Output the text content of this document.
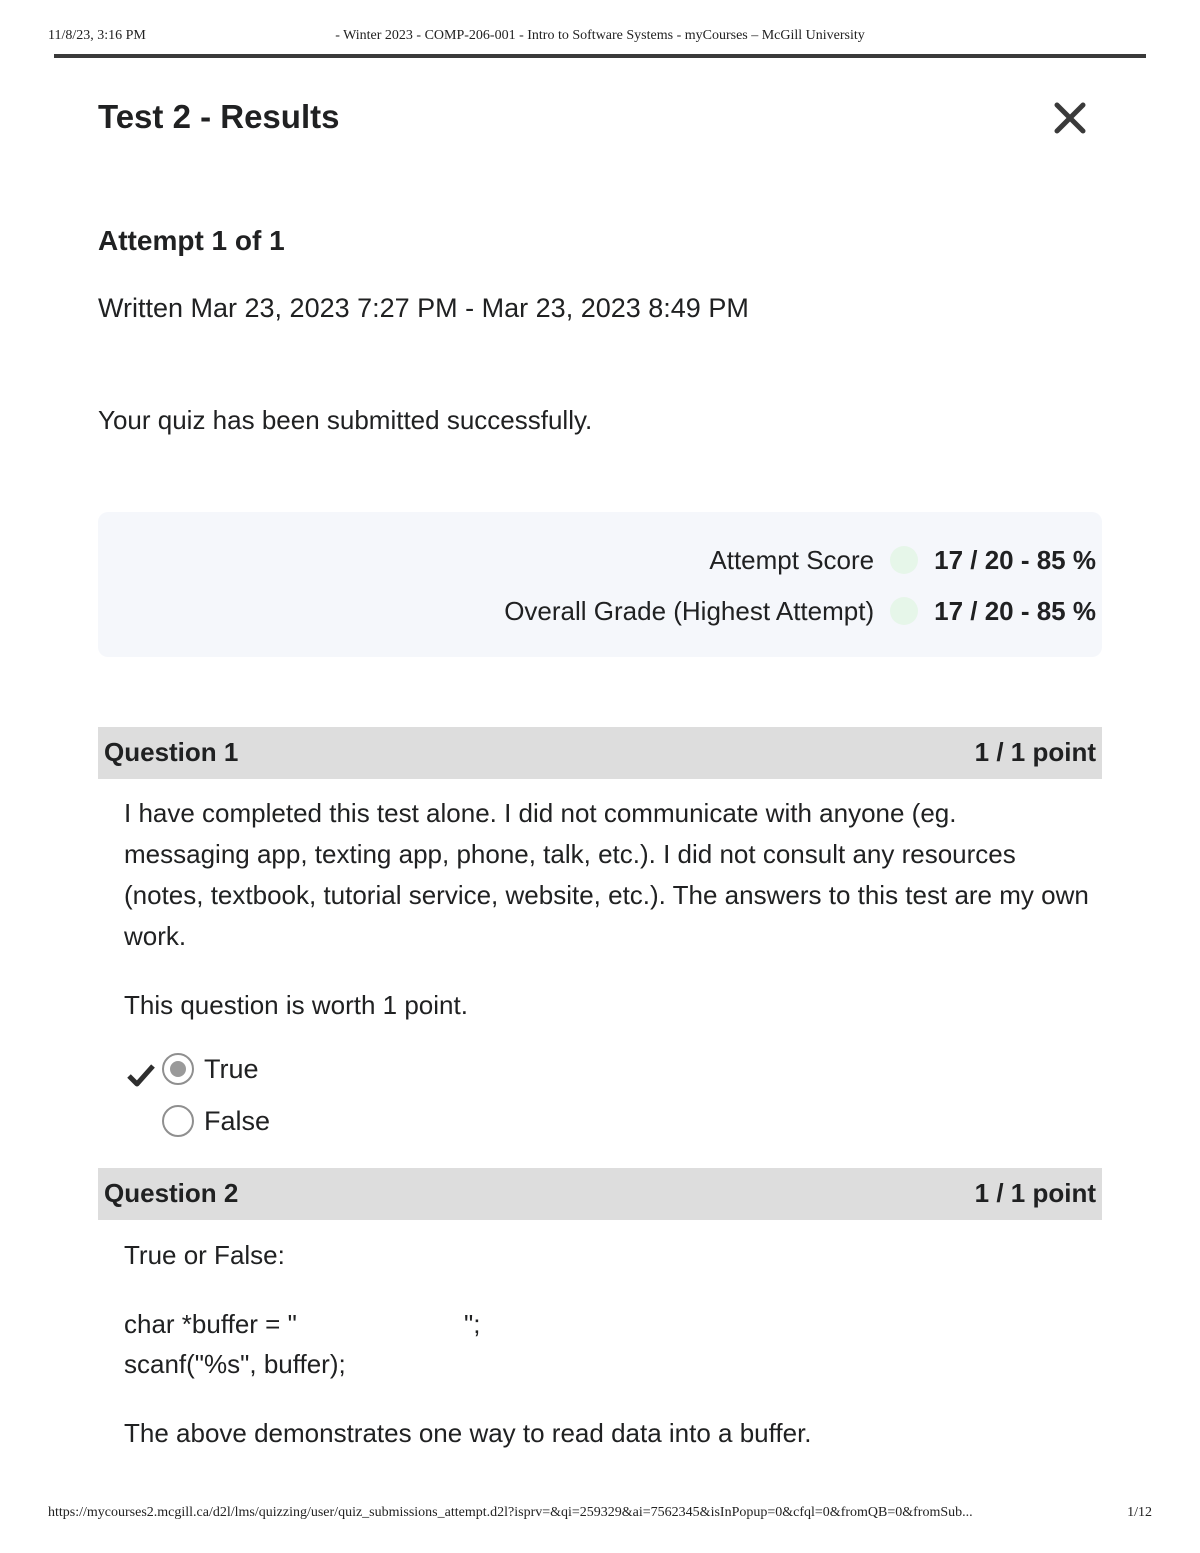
11/8/23, 3:16 PM	- Winter 2023 - COMP-206-001 - Intro to Software Systems - myCourses – McGill University
Test 2 - Results
Attempt 1 of 1
Written Mar 23, 2023 7:27 PM - Mar 23, 2023 8:49 PM
Your quiz has been submitted successfully.
Attempt Score 17 / 20 - 85 %
Overall Grade (Highest Attempt) 17 / 20 - 85 %
Question 1	1 / 1 point
I have completed this test alone. I did not communicate with anyone (eg. messaging app, texting app, phone, talk, etc.). I did not consult any resources (notes, textbook, tutorial service, website, etc.). The answers to this test are my own work.
This question is worth 1 point.
True
False
Question 2	1 / 1 point
True or False:
char *buffer = "	";
scanf("%s", buffer);
The above demonstrates one way to read data into a buffer.
https://mycourses2.mcgill.ca/d2l/lms/quizzing/user/quiz_submissions_attempt.d2l?isprv=&qi=259329&ai=7562345&isInPopup=0&cfql=0&fromQB=0&fromSub...	1/12
